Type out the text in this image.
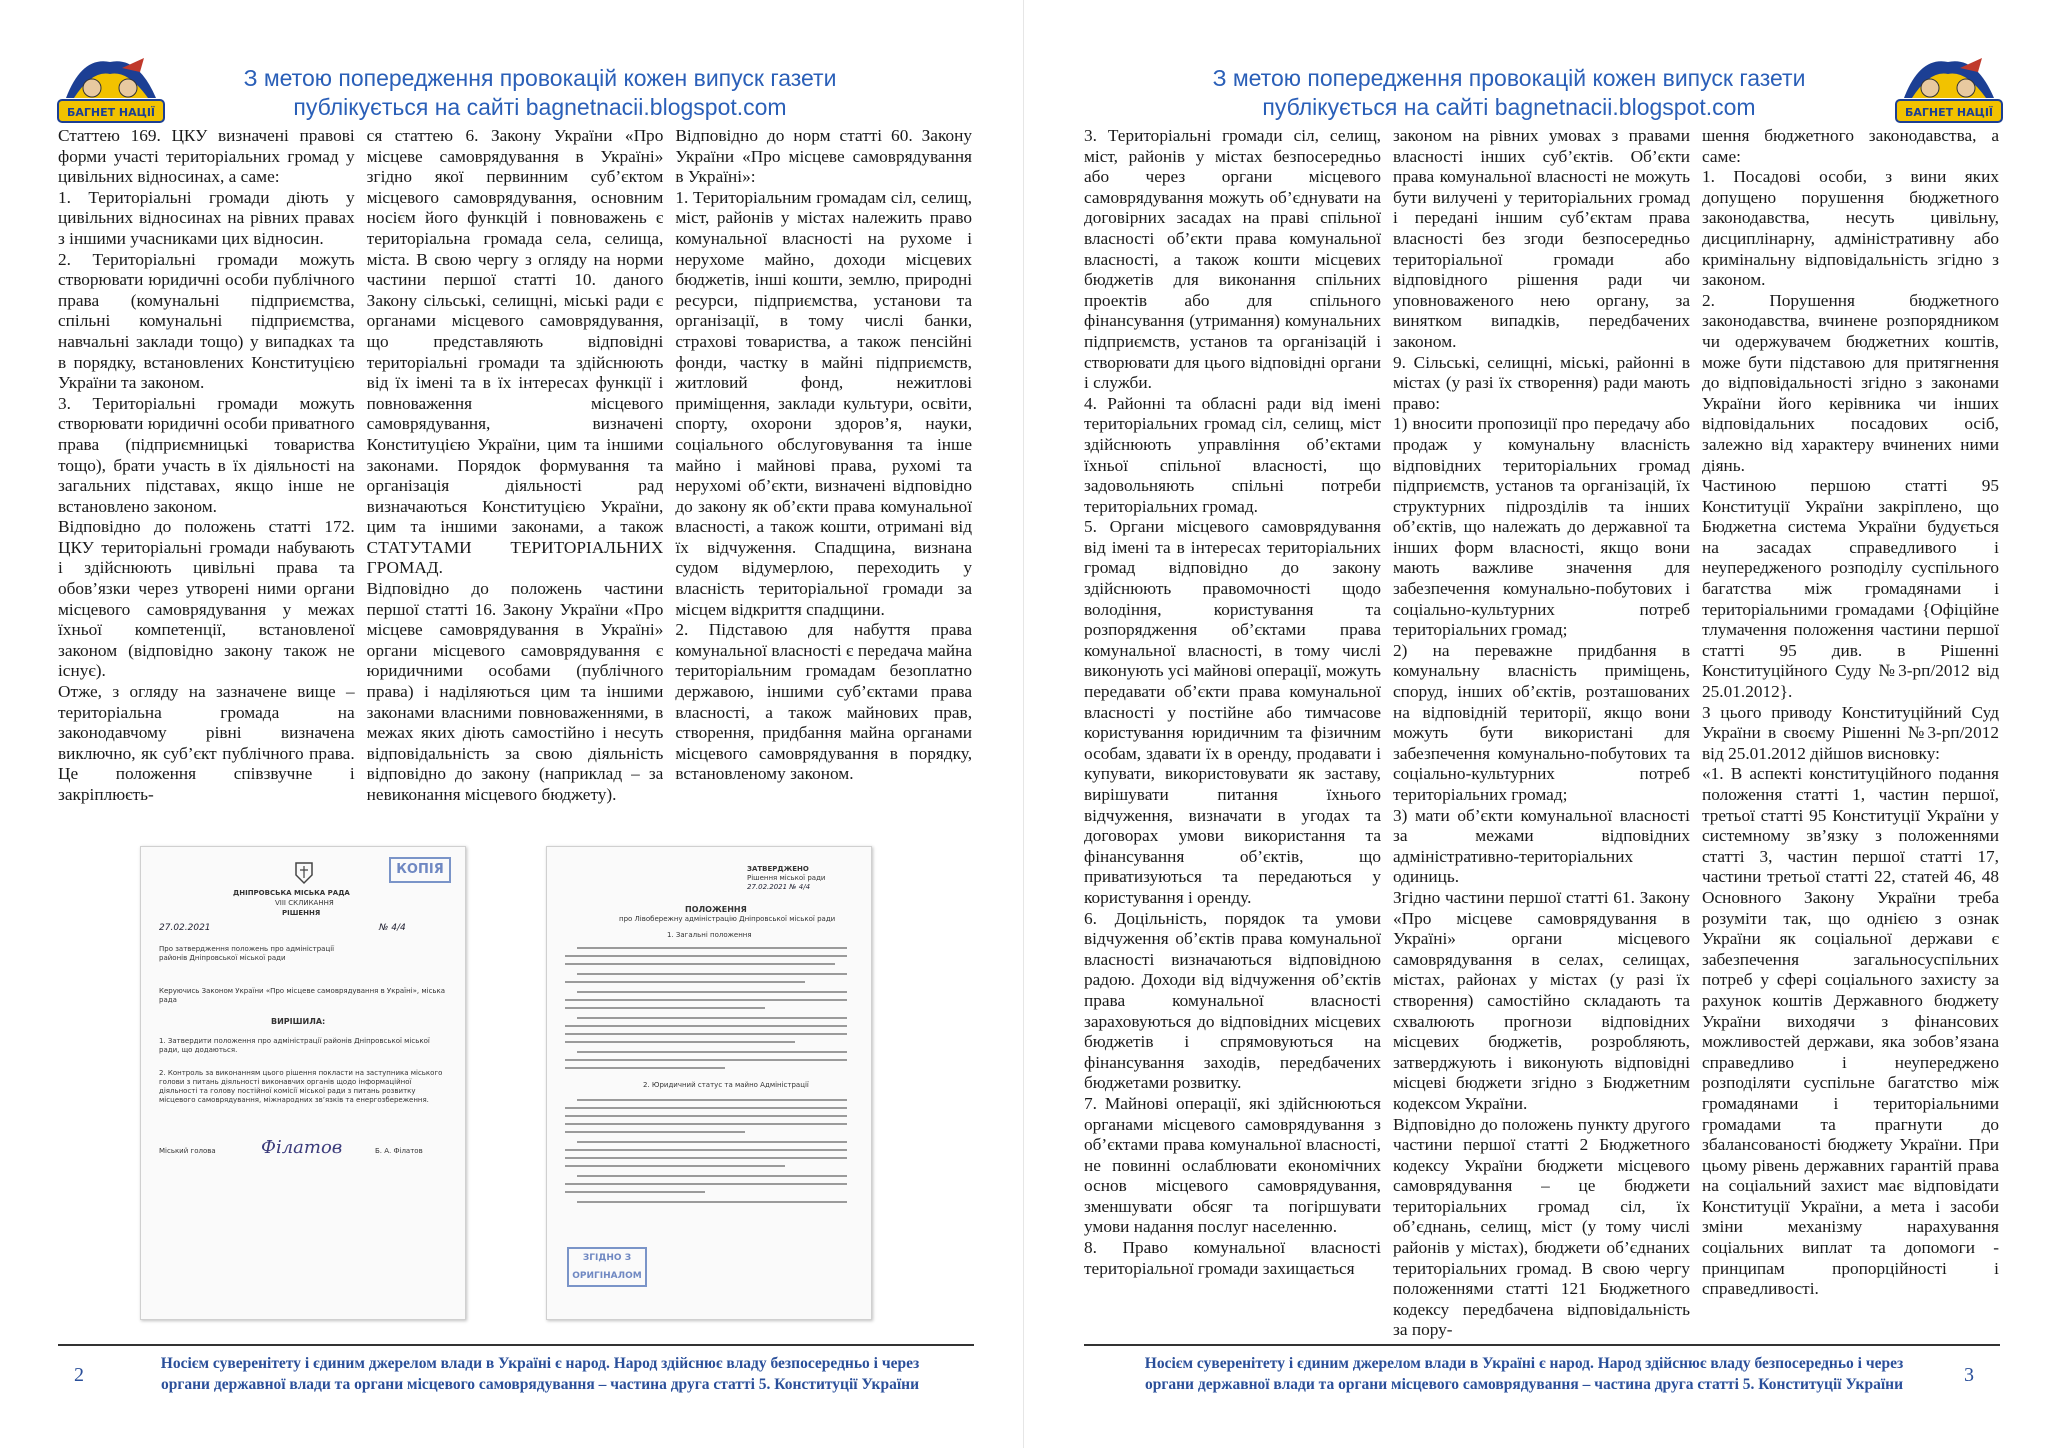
БАГНЕТ НАЦІЇ
З метою попередження провокацій кожен випуск газети
публікується на сайті bagnetnacii.blogspot.com

Статтею 169. ЦКУ визначені правові форми участі територіальних громад у цивільних відносинах, а саме:

1. Територіальні громади діють у цивільних відносинах на рівних правах з іншими учасниками цих відносин.

2. Територіальні громади можуть створювати юридичні особи публічного права (комунальні підприємства, спільні комунальні підприємства, навчальні заклади тощо) у випадках та в порядку, встановлених Конституцією України та законом.

3. Територіальні громади можуть створювати юридичні особи приватного права (підприємницькі товариства тощо), брати участь в їх діяльності на загальних підставах, якщо інше не встановлено законом.

Відповідно до положень статті 172. ЦКУ територіальні громади набувають і здійснюють цивільні права та обов’язки через утворені ними органи місцевого самоврядування у межах їхньої компетенції, встановленої законом (відповідно закону також не існує).

Отже, з огляду на зазначене вище – територіальна громада на законодавчому рівні визначена виключно, як суб’єкт публічного права. Це положення співзвучне і закріплюєть-

ся статтею 6. Закону України «Про місцеве самоврядування в Україні» згідно якої первинним суб’єктом місцевого самоврядування, основним носієм його функцій і повноважень є територіальна громада села, селища, міста. В свою чергу з огляду на норми частини першої статті 10. даного Закону сільські, селищні, міські ради є органами місцевого самоврядування, що представляють відповідні територіальні громади та здійснюють від їх імені та в їх інтересах функції і повноваження місцевого самоврядування, визначені Конституцією України, цим та іншими законами. Порядок формування та організація діяльності рад визначаються Конституцією України, цим та іншими законами, а також СТАТУТАМИ ТЕРИТОРІАЛЬНИХ ГРОМАД.

Відповідно до положень частини першої статті 16. Закону України «Про місцеве самоврядування в Україні» органи місцевого самоврядування є юридичними особами (публічного права) і наділяються цим та іншими законами власними повноваженнями, в межах яких діють самостійно і несуть відповідальність за свою діяльність відповідно до закону (наприклад – за невиконання місцевого бюджету).

Відповідно до норм статті 60. Закону України «Про місцеве самоврядування в Україні»:

1. Територіальним громадам сіл, селищ, міст, районів у містах належить право комунальної власності на рухоме і нерухоме майно, доходи місцевих бюджетів, інші кошти, землю, природні ресурси, підприємства, установи та організації, в тому числі банки, страхові товариства, а також пенсійні фонди, частку в майні підприємств, житловий фонд, нежитлові приміщення, заклади культури, освіти, спорту, охорони здоров’я, науки, соціального обслуговування та інше майно і майнові права, рухомі та нерухомі об’єкти, визначені відповідно до закону як об’єкти права комунальної власності, а також кошти, отримані від їх відчуження. Спадщина, визнана судом відумерлою, переходить у власність територіальної громади за місцем відкриття спадщини.

2. Підставою для набуття права комунальної власності є передача майна територіальним громадам безоплатно державою, іншими суб’єктами права власності, а також майнових прав, створення, придбання майна органами місцевого самоврядування в порядку, встановленому законом.

ДНІПРОВСЬКА МІСЬКА РАДА
VIII СКЛИКАННЯ
РІШЕННЯ
КОПІЯ
27.02.2021	№ 4/4
Про затвердження положень про адміністрації районів Дніпровської міської ради
Керуючись Законом України «Про місцеве самоврядування в Україні», міська рада
ВИРІШИЛА:
1. Затвердити положення про адміністрації районів Дніпровської міської ради, що додаються.
2. Контроль за виконанням цього рішення покласти на заступника міського голови з питань діяльності виконавчих органів щодо інформаційної діяльності та голову постійної комісії міської ради з питань розвитку місцевого самоврядування, міжнародних зв’язків та енергозбереження.
Міський голова	Філатов	Б. А. Філатов
ЗАТВЕРДЖЕНО
Рішення міської ради
27.02.2021 № 4/4
ПОЛОЖЕННЯ
про Лівобережну адміністрацію Дніпровської міської ради
1. Загальні положення
2. Юридичний статус та майно Адміністрації
ЗГІДНО З ОРИГІНАЛОМ
2
Носієм суверенітету і єдиним джерелом влади в Україні є народ. Народ здійснює владу безпосередньо і через
органи державної влади та органи місцевого самоврядування – частина друга статті 5. Конституції України
БАГНЕТ НАЦІЇ
З метою попередження провокацій кожен випуск газети
публікується на сайті bagnetnacii.blogspot.com

3. Територіальні громади сіл, селищ, міст, районів у містах безпосередньо або через органи місцевого самоврядування можуть об’єднувати на договірних засадах на праві спільної власності об’єкти права комунальної власності, а також кошти місцевих бюджетів для виконання спільних проектів або для спільного фінансування (утримання) комунальних підприємств, установ та організацій і створювати для цього відповідні органи і служби.

4. Районні та обласні ради від імені територіальних громад сіл, селищ, міст здійснюють управління об’єктами їхньої спільної власності, що задовольняють спільні потреби територіальних громад.

5. Органи місцевого самоврядування від імені та в інтересах територіальних громад відповідно до закону здійснюють правомочності щодо володіння, користування та розпорядження об’єктами права комунальної власності, в тому числі виконують усі майнові операції, можуть передавати об’єкти права комунальної власності у постійне або тимчасове користування юридичним та фізичним особам, здавати їх в оренду, продавати і купувати, використовувати як заставу, вирішувати питання їхнього відчуження, визначати в угодах та договорах умови використання та фінансування об’єктів, що приватизуються та передаються у користування і оренду.

6. Доцільність, порядок та умови відчуження об’єктів права комунальної власності визначаються відповідною радою. Доходи від відчуження об’єктів права комунальної власності зараховуються до відповідних місцевих бюджетів і спрямовуються на фінансування заходів, передбачених бюджетами розвитку.

7. Майнові операції, які здійснюються органами місцевого самоврядування з об’єктами права комунальної власності, не повинні ослаблювати економічних основ місцевого самоврядування, зменшувати обсяг та погіршувати умови надання послуг населенню.

8. Право комунальної власності територіальної громади захищається

законом на рівних умовах з правами власності інших суб’єктів. Об’єкти права комунальної власності не можуть бути вилучені у територіальних громад і передані іншим суб’єктам права власності без згоди безпосередньо територіальної громади або відповідного рішення ради чи уповноваженого нею органу, за винятком випадків, передбачених законом.

9. Сільські, селищні, міські, районні в містах (у разі їх створення) ради мають право:

1) вносити пропозиції про передачу або продаж у комунальну власність відповідних територіальних громад підприємств, установ та організацій, їх структурних підрозділів та інших об’єктів, що належать до державної та інших форм власності, якщо вони мають важливе значення для забезпечення комунально-побутових і соціально-культурних потреб територіальних громад;

2) на переважне придбання в комунальну власність приміщень, споруд, інших об’єктів, розташованих на відповідній території, якщо вони можуть бути використані для забезпечення комунально-побутових та соціально-культурних потреб територіальних громад;

3) мати об’єкти комунальної власності за межами відповідних адміністративно-територіальних одиниць.

Згідно частини першої статті 61. Закону «Про місцеве самоврядування в Україні» органи місцевого самоврядування в селах, селищах, містах, районах у містах (у разі їх створення) самостійно складають та схвалюють прогнози відповідних місцевих бюджетів, розробляють, затверджують і виконують відповідні місцеві бюджети згідно з Бюджетним кодексом України.

Відповідно до положень пункту другого частини першої статті 2 Бюджетного кодексу України бюджети місцевого самоврядування – це бюджети територіальних громад сіл, їх об’єднань, селищ, міст (у тому числі районів у містах), бюджети об’єднаних територіальних громад. В свою чергу положеннями статті 121 Бюджетного кодексу передбачена відповідальність за пору-

шення бюджетного законодавства, а саме:

1. Посадові особи, з вини яких допущено порушення бюджетного законодавства, несуть цивільну, дисциплінарну, адміністративну або кримінальну відповідальність згідно з законом.

2. Порушення бюджетного законодавства, вчинене розпорядником чи одержувачем бюджетних коштів, може бути підставою для притягнення до відповідальності згідно з законами України його керівника чи інших відповідальних посадових осіб, залежно від характеру вчинених ними діянь.

Частиною першою статті 95 Конституції України закріплено, що Бюджетна система України будується на засадах справедливого і неупередженого розподілу суспільного багатства між громадянами і територіальними громадами {Офіційне тлумачення положення частини першої статті 95 див. в Рішенні Конституційного Суду №3-рп/2012 від 25.01.2012}.

З цього приводу Конституційний Суд України в своєму Рішенні №3-рп/2012 від 25.01.2012 дійшов висновку:

«1. В аспекті конституційного подання положення статті 1, частин першої, третьої статті 95 Конституції України у системному зв’язку з положеннями статті 3, частин першої статті 17, частини третьої статті 22, статей 46, 48 Основного Закону України треба розуміти так, що однією з ознак України як соціальної держави є забезпечення загальносуспільних потреб у сфері соціального захисту за рахунок коштів Державного бюджету України виходячи з фінансових можливостей держави, яка зобов’язана справедливо і неупереджено розподіляти суспільне багатство між громадянами і територіальними громадами та прагнути до збалансованості бюджету України. При цьому рівень державних гарантій права на соціальний захист має відповідати Конституції України, а мета і засоби зміни механізму нарахування соціальних виплат та допомоги - принципам пропорційності і справедливості.

Носієм суверенітету і єдиним джерелом влади в Україні є народ. Народ здійснює владу безпосередньо і через
органи державної влади та органи місцевого самоврядування – частина друга статті 5. Конституції України	3
